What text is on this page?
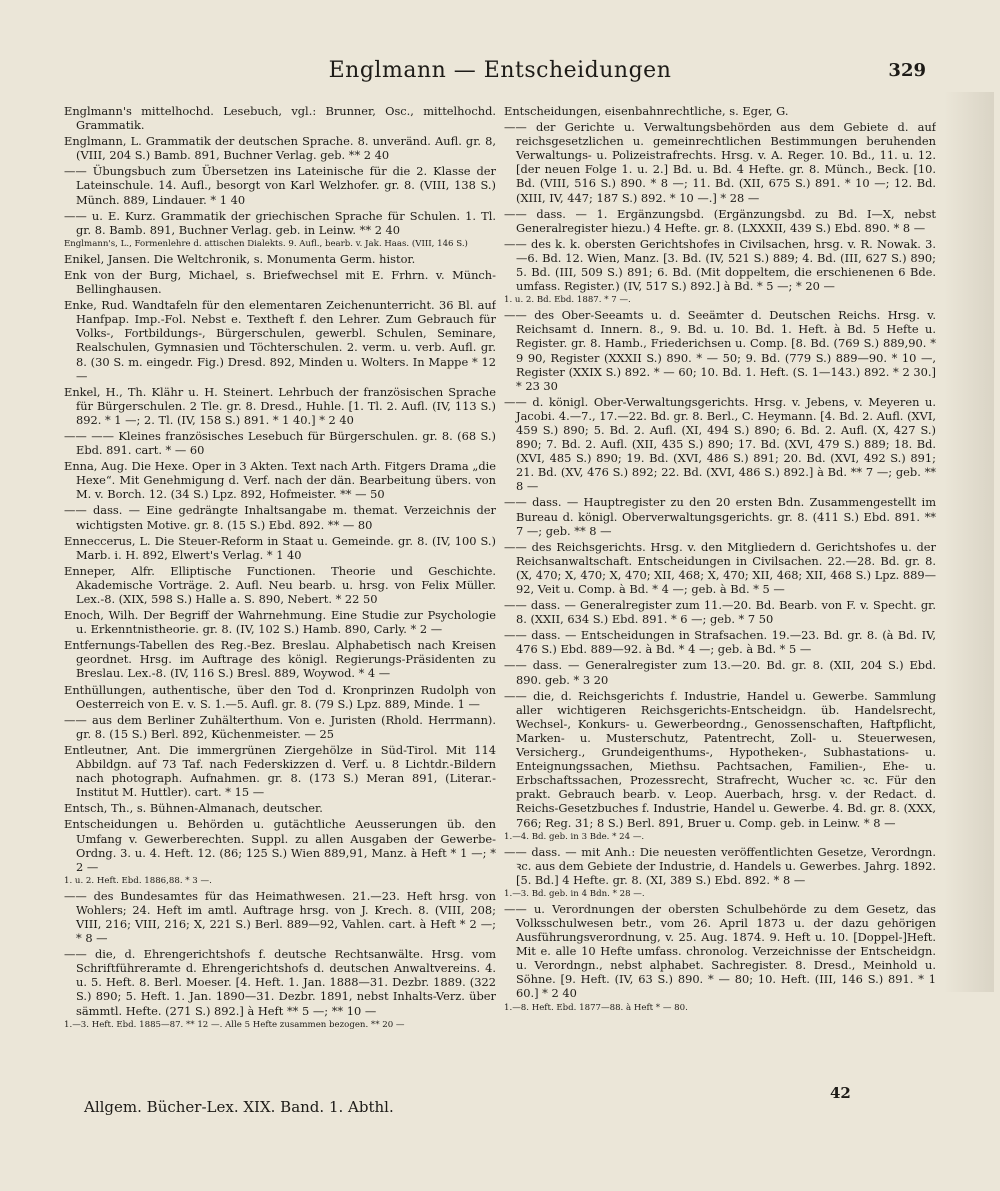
Englmann — Entscheidungen	329

Englmann's mittelhochd. Lesebuch, vgl.: Brunner, Osc., mittelhochd. Grammatik.

Englmann, L. Grammatik der deutschen Sprache. 8. unveränd. Aufl. gr. 8, (VIII, 204 S.) Bamb. 891, Buchner Verlag. geb. ** 2 40

—— Übungsbuch zum Übersetzen ins Lateinische für die 2. Klasse der Lateinschule. 14. Aufl., besorgt von Karl Welzhofer. gr. 8. (VIII, 138 S.) Münch. 889, Lindauer. * 1 40

—— u. E. Kurz. Grammatik der griechischen Sprache für Schulen. 1. Tl. gr. 8. Bamb. 891, Buchner Verlag. geb. in Leinw. ** 2 40

Englmann's, L., Formenlehre d. attischen Dialekts. 9. Aufl., bearb. v. Jak. Haas. (VIII, 146 S.)

Enikel, Jansen. Die Weltchronik, s. Monumenta Germ. histor.

Enk von der Burg, Michael, s. Briefwechsel mit E. Frhrn. v. Münch-Bellinghausen.

Enke, Rud. Wandtafeln für den elementaren Zeichenunterricht. 36 Bl. auf Hanfpap. Imp.-Fol. Nebst e. Textheft f. den Lehrer. Zum Gebrauch für Volks-, Fortbildungs-, Bürgerschulen, gewerbl. Schulen, Seminare, Realschulen, Gymnasien und Töchterschulen. 2. verm. u. verb. Aufl. gr. 8. (30 S. m. eingedr. Fig.) Dresd. 892, Minden u. Wolters. In Mappe * 12 —

Enkel, H., Th. Klähr u. H. Steinert. Lehrbuch der französischen Sprache für Bürgerschulen. 2 Tle. gr. 8. Dresd., Huhle. [1. Tl. 2. Aufl. (IV, 113 S.) 892. * 1 —; 2. Tl. (IV, 158 S.) 891. * 1 40.] * 2 40

—— —— Kleines französisches Lesebuch für Bürgerschulen. gr. 8. (68 S.) Ebd. 891. cart. * — 60

Enna, Aug. Die Hexe. Oper in 3 Akten. Text nach Arth. Fitgers Drama „die Hexe“. Mit Genehmigung d. Verf. nach der dän. Bearbeitung übers. von M. v. Borch. 12. (34 S.) Lpz. 892, Hofmeister. ** — 50

—— dass. — Eine gedrängte Inhaltsangabe m. themat. Verzeichnis der wichtigsten Motive. gr. 8. (15 S.) Ebd. 892. ** — 80

Enneccerus, L. Die Steuer-Reform in Staat u. Gemeinde. gr. 8. (IV, 100 S.) Marb. i. H. 892, Elwert's Verlag. * 1 40

Enneper, Alfr. Elliptische Functionen. Theorie und Geschichte. Akademische Vorträge. 2. Aufl. Neu bearb. u. hrsg. von Felix Müller. Lex.-8. (XIX, 598 S.) Halle a. S. 890, Nebert. * 22 50

Enoch, Wilh. Der Begriff der Wahrnehmung. Eine Studie zur Psychologie u. Erkenntnistheorie. gr. 8. (IV, 102 S.) Hamb. 890, Carly. * 2 —

Entfernungs-Tabellen des Reg.-Bez. Breslau. Alphabetisch nach Kreisen geordnet. Hrsg. im Auftrage des königl. Regierungs-Präsidenten zu Breslau. Lex.-8. (IV, 116 S.) Bresl. 889, Woywod. * 4 —

Enthüllungen, authentische, über den Tod d. Kronprinzen Rudolph von Oesterreich von E. v. S. 1.—5. Aufl. gr. 8. (79 S.) Lpz. 889, Minde. 1 —

—— aus dem Berliner Zuhälterthum. Von e. Juristen (Rhold. Herrmann). gr. 8. (15 S.) Berl. 892, Küchenmeister. — 25

Entleutner, Ant. Die immergrünen Ziergehölze in Süd-Tirol. Mit 114 Abbildgn. auf 73 Taf. nach Federskizzen d. Verf. u. 8 Lichtdr.-Bildern nach photograph. Aufnahmen. gr. 8. (173 S.) Meran 891, (Literar.-Institut M. Huttler). cart. * 15 —

Entsch, Th., s. Bühnen-Almanach, deutscher.

Entscheidungen u. Behörden u. gutächtliche Aeusserungen üb. den Umfang v. Gewerberechten. Suppl. zu allen Ausgaben der Gewerbe-Ordng. 3. u. 4. Heft. 12. (86; 125 S.) Wien 889,91, Manz. à Heft * 1 —; * 2 —

1. u. 2. Heft. Ebd. 1886,88. * 3 —.

—— des Bundesamtes für das Heimathwesen. 21.—23. Heft hrsg. von Wohlers; 24. Heft im amtl. Auftrage hrsg. von J. Krech. 8. (VIII, 208; VIII, 216; VIII, 216; X, 221 S.) Berl. 889—92, Vahlen. cart. à Heft * 2 —; * 8 —

—— die, d. Ehrengerichtshofs f. deutsche Rechtsanwälte. Hrsg. vom Schriftführeramte d. Ehrengerichtshofs d. deutschen Anwaltvereins. 4. u. 5. Heft. 8. Berl. Moeser. [4. Heft. 1. Jan. 1888—31. Dezbr. 1889. (322 S.) 890; 5. Heft. 1. Jan. 1890—31. Dezbr. 1891, nebst Inhalts-Verz. über sämmtl. Hefte. (271 S.) 892.] à Heft ** 5 —; ** 10 —

1.—3. Heft. Ebd. 1885—87. ** 12 —. Alle 5 Hefte zusammen bezogen. ** 20 —

Entscheidungen, eisenbahnrechtliche, s. Eger, G.

—— der Gerichte u. Verwaltungsbehörden aus dem Gebiete d. auf reichsgesetzlichen u. gemeinrechtlichen Bestimmungen beruhenden Verwaltungs- u. Polizeistrafrechts. Hrsg. v. A. Reger. 10. Bd., 11. u. 12. [der neuen Folge 1. u. 2.] Bd. u. Bd. 4 Hefte. gr. 8. Münch., Beck. [10. Bd. (VIII, 516 S.) 890. * 8 —; 11. Bd. (XII, 675 S.) 891. * 10 —; 12. Bd. (XIII, IV, 447; 187 S.) 892. * 10 —.] * 28 —

—— dass. — 1. Ergänzungsbd. (Ergänzungsbd. zu Bd. I—X, nebst Generalregister hiezu.) 4 Hefte. gr. 8. (LXXXII, 439 S.) Ebd. 890. * 8 —

—— des k. k. obersten Gerichtshofes in Civilsachen, hrsg. v. R. Nowak. 3.—6. Bd. 12. Wien, Manz. [3. Bd. (IV, 521 S.) 889; 4. Bd. (III, 627 S.) 890; 5. Bd. (III, 509 S.) 891; 6. Bd. (Mit doppeltem, die erschienenen 6 Bde. umfass. Register.) (IV, 517 S.) 892.] à Bd. * 5 —; * 20 —

1. u. 2. Bd. Ebd. 1887. * 7 —.

—— des Ober-Seeamts u. d. Seeämter d. Deutschen Reichs. Hrsg. v. Reichsamt d. Innern. 8., 9. Bd. u. 10. Bd. 1. Heft. à Bd. 5 Hefte u. Register. gr. 8. Hamb., Friederichsen u. Comp. [8. Bd. (769 S.) 889,90. * 9 90, Register (XXXII S.) 890. * — 50; 9. Bd. (779 S.) 889—90. * 10 —, Register (XXIX S.) 892. * — 60; 10. Bd. 1. Heft. (S. 1—143.) 892. * 2 30.] * 23 30

—— d. königl. Ober-Verwaltungsgerichts. Hrsg. v. Jebens, v. Meyeren u. Jacobi. 4.—7., 17.—22. Bd. gr. 8. Berl., C. Heymann. [4. Bd. 2. Aufl. (XVI, 459 S.) 890; 5. Bd. 2. Aufl. (XI, 494 S.) 890; 6. Bd. 2. Aufl. (X, 427 S.) 890; 7. Bd. 2. Aufl. (XII, 435 S.) 890; 17. Bd. (XVI, 479 S.) 889; 18. Bd. (XVI, 485 S.) 890; 19. Bd. (XVI, 486 S.) 891; 20. Bd. (XVI, 492 S.) 891; 21. Bd. (XV, 476 S.) 892; 22. Bd. (XVI, 486 S.) 892.] à Bd. ** 7 —; geb. ** 8 —

—— dass. — Hauptregister zu den 20 ersten Bdn. Zusammengestellt im Bureau d. königl. Oberverwaltungsgerichts. gr. 8. (411 S.) Ebd. 891. ** 7 —; geb. ** 8 —

—— des Reichsgerichts. Hrsg. v. den Mitgliedern d. Gerichtshofes u. der Reichsanwaltschaft. Entscheidungen in Civilsachen. 22.—28. Bd. gr. 8. (X, 470; X, 470; X, 470; XII, 468; X, 470; XII, 468; XII, 468 S.) Lpz. 889—92, Veit u. Comp. à Bd. * 4 —; geb. à Bd. * 5 —

—— dass. — Generalregister zum 11.—20. Bd. Bearb. von F. v. Specht. gr. 8. (XXII, 634 S.) Ebd. 891. * 6 —; geb. * 7 50

—— dass. — Entscheidungen in Strafsachen. 19.—23. Bd. gr. 8. (à Bd. IV, 476 S.) Ebd. 889—92. à Bd. * 4 —; geb. à Bd. * 5 —

—— dass. — Generalregister zum 13.—20. Bd. gr. 8. (XII, 204 S.) Ebd. 890. geb. * 3 20

—— die, d. Reichsgerichts f. Industrie, Handel u. Gewerbe. Sammlung aller wichtigeren Reichsgerichts-Entscheidgn. üb. Handelsrecht, Wechsel-, Konkurs- u. Gewerbeordng., Genossenschaften, Haftpflicht, Marken- u. Musterschutz, Patentrecht, Zoll- u. Steuerwesen, Versicherg., Grundeigenthums-, Hypotheken-, Subhastations- u. Enteignungssachen, Miethsu. Pachtsachen, Familien-, Ehe- u. Erbschaftssachen, Prozessrecht, Strafrecht, Wucher ꝛc. ꝛc. Für den prakt. Gebrauch bearb. v. Leop. Auerbach, hrsg. v. der Redact. d. Reichs-Gesetzbuches f. Industrie, Handel u. Gewerbe. 4. Bd. gr. 8. (XXX, 766; Reg. 31; 8 S.) Berl. 891, Bruer u. Comp. geb. in Leinw. * 8 —

1.—4. Bd. geb. in 3 Bde. * 24 —.

—— dass. — mit Anh.: Die neuesten veröffentlichten Gesetze, Verordngn. ꝛc. aus dem Gebiete der Industrie, d. Handels u. Gewerbes. Jahrg. 1892. [5. Bd.] 4 Hefte. gr. 8. (XI, 389 S.) Ebd. 892. * 8 —

1.—3. Bd. geb. in 4 Bdn. * 28 —.

—— u. Verordnungen der obersten Schulbehörde zu dem Gesetz, das Volksschulwesen betr., vom 26. April 1873 u. der dazu gehörigen Ausführungsverordnung, v. 25. Aug. 1874. 9. Heft u. 10. [Doppel-]Heft. Mit e. alle 10 Hefte umfass. chronolog. Verzeichnisse der Entscheidgn. u. Verordngn., nebst alphabet. Sachregister. 8. Dresd., Meinhold u. Söhne. [9. Heft. (IV, 63 S.) 890. * — 80; 10. Heft. (III, 146 S.) 891. * 1 60.] * 2 40

1.—8. Heft. Ebd. 1877—88. à Heft * — 80.

Allgem. Bücher-Lex. XIX. Band. 1. Abthl.
42
